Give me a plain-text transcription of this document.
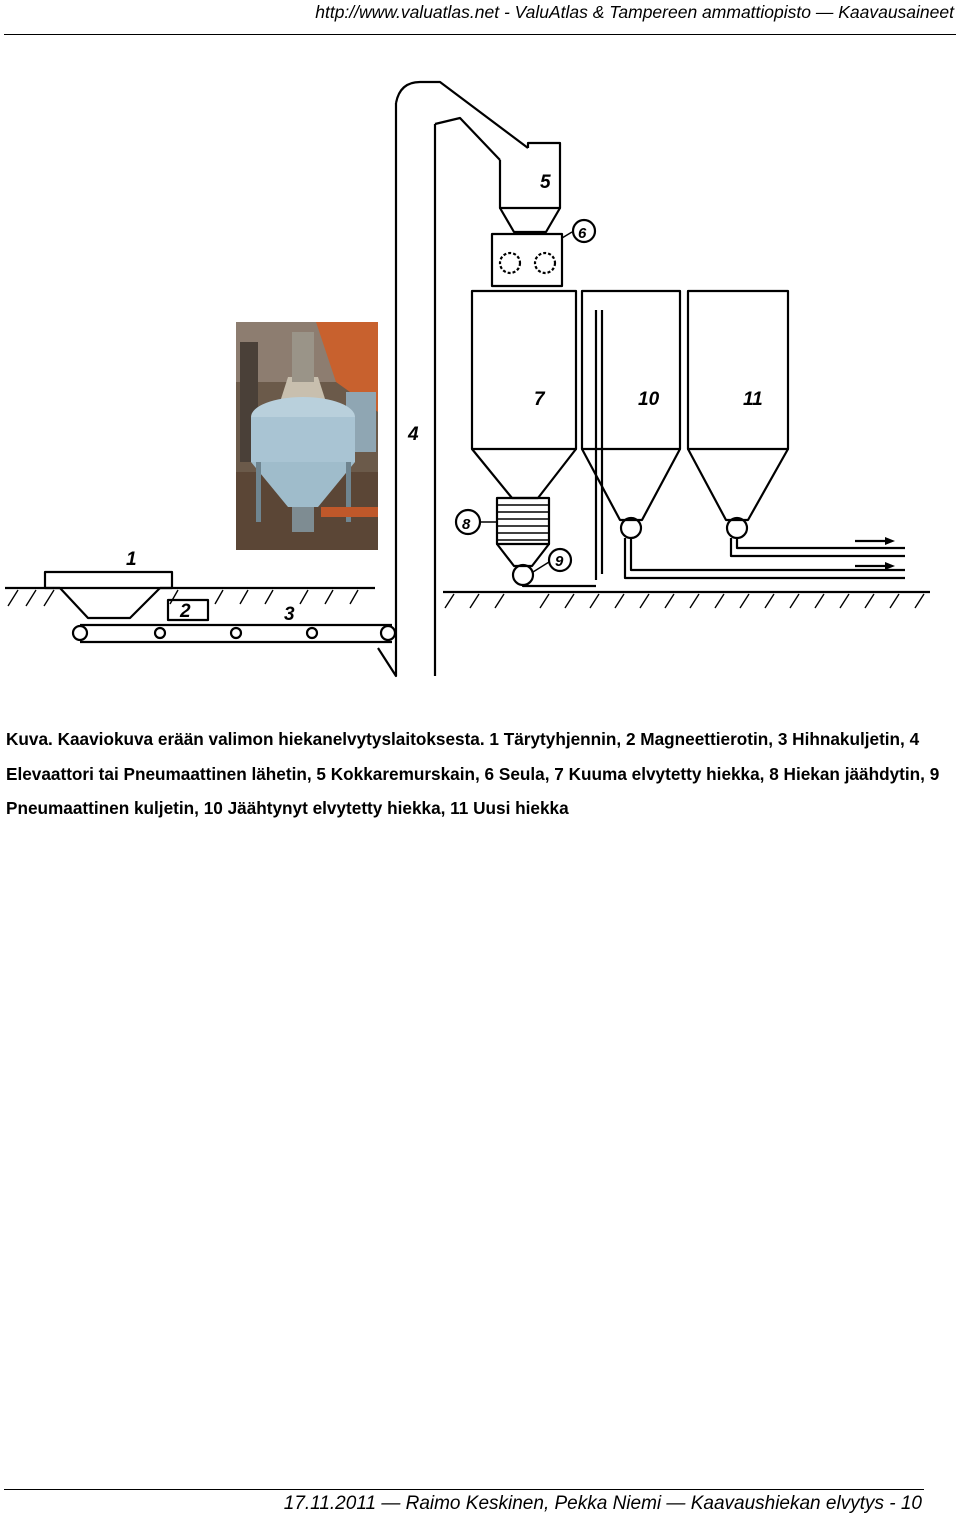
http://www.valuatlas.net - ValuAtlas & Tampereen ammattiopisto — Kaavausaineet
1
2	3
4
5
6
7
8
9
10	11
Kuva. Kaaviokuva erään valimon hiekanelvytyslaitoksesta. 1 Tärytyhjennin, 2 Magneettierotin, 3 Hihnakuljetin, 4 Elevaattori tai Pneumaattinen lähetin, 5 Kokkaremurskain, 6 Seula, 7 Kuuma elvytetty hiekka, 8 Hiekan jäähdytin, 9 Pneumaattinen kuljetin, 10 Jäähtynyt elvytetty hiekka, 11 Uusi hiekka
17.11.2011 — Raimo Keskinen, Pekka Niemi — Kaavaushiekan elvytys - 10
